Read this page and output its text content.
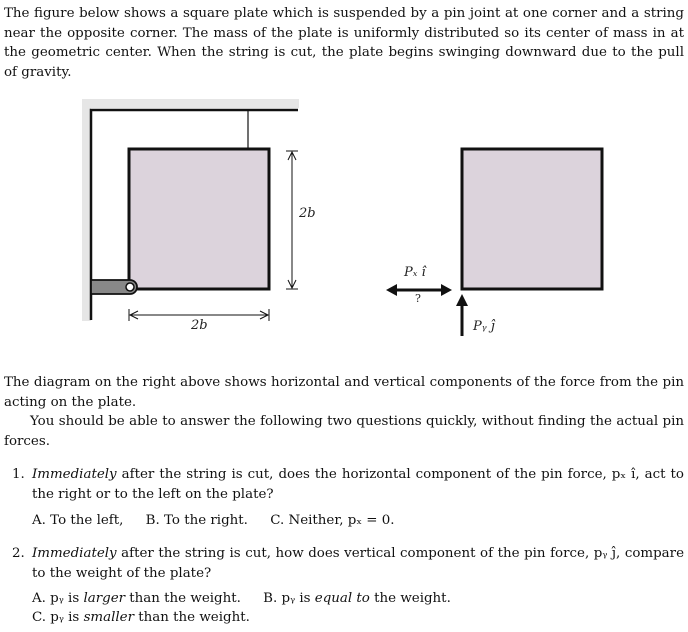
The figure below shows a square plate which is suspended by a pin joint at one corner and a string near the opposite corner. The mass of the plate is uniformly distributed so its center of mass in at the geometric center. When the string is cut, the plate begins swinging downward due to the pull of gravity.

2b
2b
Pₓ î
?
Pᵧ ĵ

The diagram on the right above shows horizontal and vertical components of the force from the pin acting on the plate.

You should be able to answer the following two questions quickly, without finding the actual pin forces.

1. Immediately after the string is cut, does the horizontal component of the pin force, pₓ î, act to the right or to the left on the plate?
A. To the left, B. To the right. C. Neither, pₓ = 0.
2. Immediately after the string is cut, how does vertical component of the pin force, pᵧ ĵ, compare to the weight of the plate?
A. pᵧ is larger than the weight. B. pᵧ is equal to the weight.
C. pᵧ is smaller than the weight.
